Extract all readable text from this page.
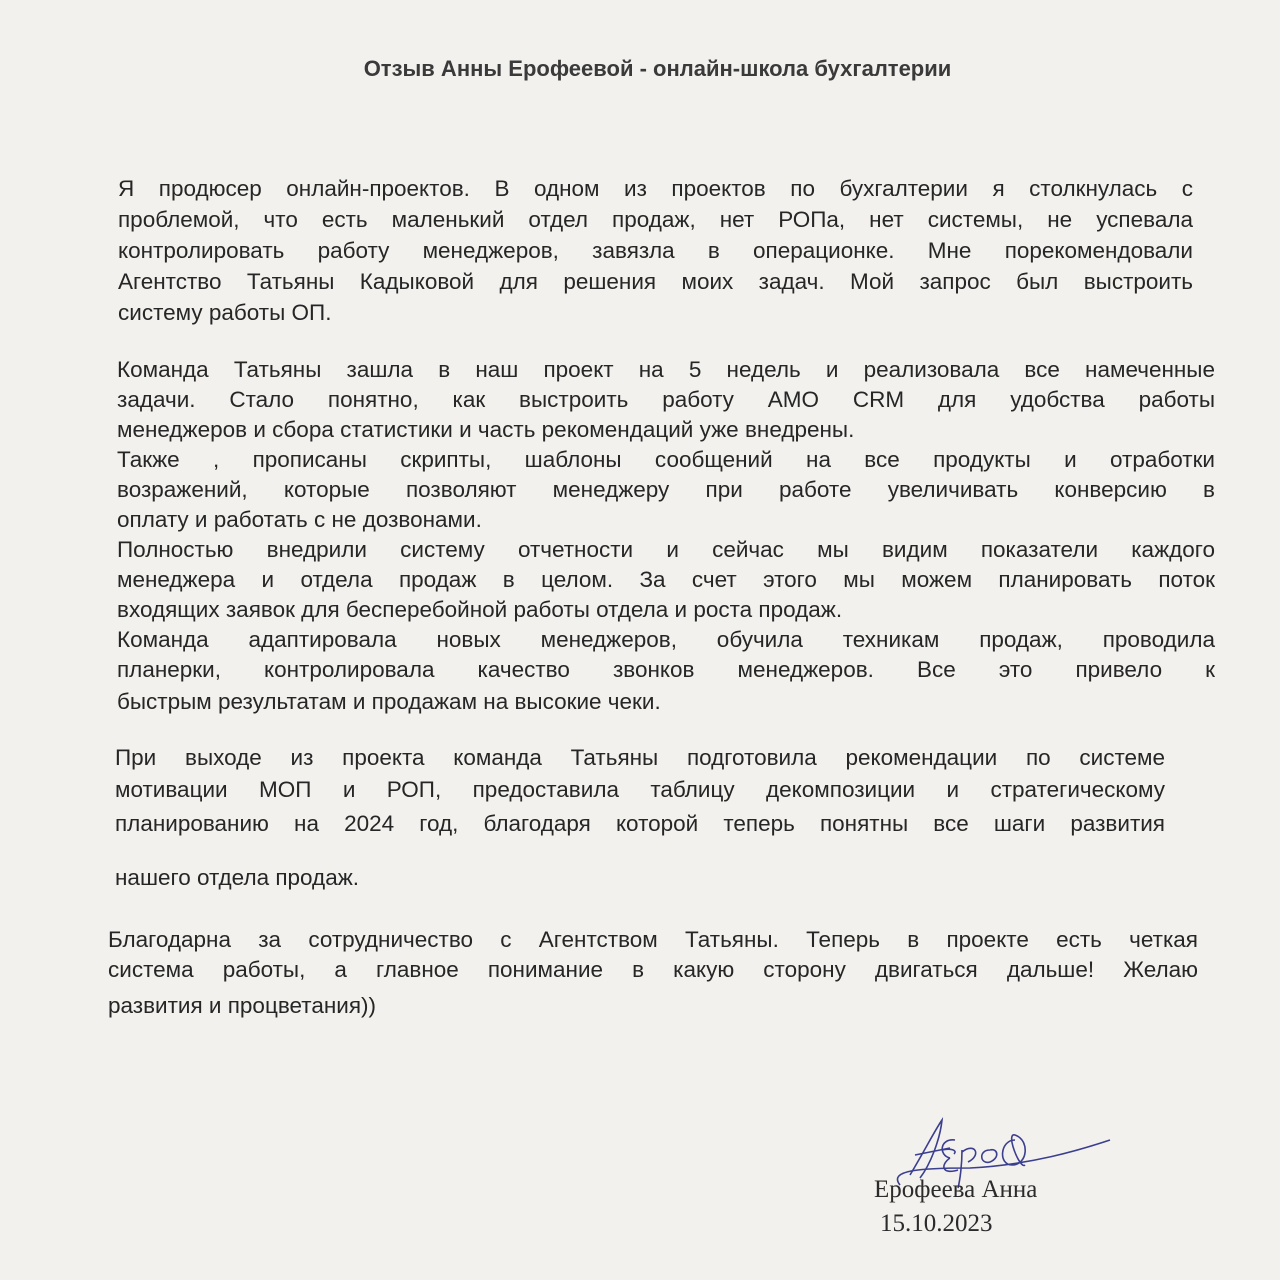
Отзыв Анны Ерофеевой - онлайн-школа бухгалтерии
Я продюсер онлайн-проектов. В одном из проектов по бухгалтерии я столкнулась с
проблемой, что есть маленький отдел продаж, нет РОПа, нет системы, не успевала
контролировать работу менеджеров, завязла в операционке. Мне порекомендовали
Агентство Татьяны Кадыковой для решения моих задач. Мой запрос был выстроить
систему работы ОП.
Команда Татьяны зашла в наш проект на 5 недель и реализовала все намеченные
задачи. Стало понятно, как выстроить работу AMO CRM для удобства работы
менеджеров и сбора статистики и часть рекомендаций уже внедрены.
Также , прописаны скрипты, шаблоны сообщений на все продукты и отработки
возражений, которые позволяют менеджеру при работе увеличивать конверсию в
оплату и работать с не дозвонами.
Полностью внедрили систему отчетности и сейчас мы видим показатели каждого
менеджера и отдела продаж в целом. За счет этого мы можем планировать поток
входящих заявок для бесперебойной работы отдела и роста продаж.
Команда адаптировала новых менеджеров, обучила техникам продаж, проводила
планерки, контролировала качество звонков менеджеров. Все это привело к
быстрым результатам и продажам на высокие чеки.
При выходе из проекта команда Татьяны подготовила рекомендации по системе
мотивации МОП и РОП, предоставила таблицу декомпозиции и стратегическому
планированию на 2024 год, благодаря которой теперь понятны все шаги развития
нашего отдела продаж.
Благодарна за сотрудничество с Агентством Татьяны. Теперь в проекте есть четкая
система работы, а главное понимание в какую сторону двигаться дальше! Желаю
развития и процветания))
Ерофеева Анна
15.10.2023
